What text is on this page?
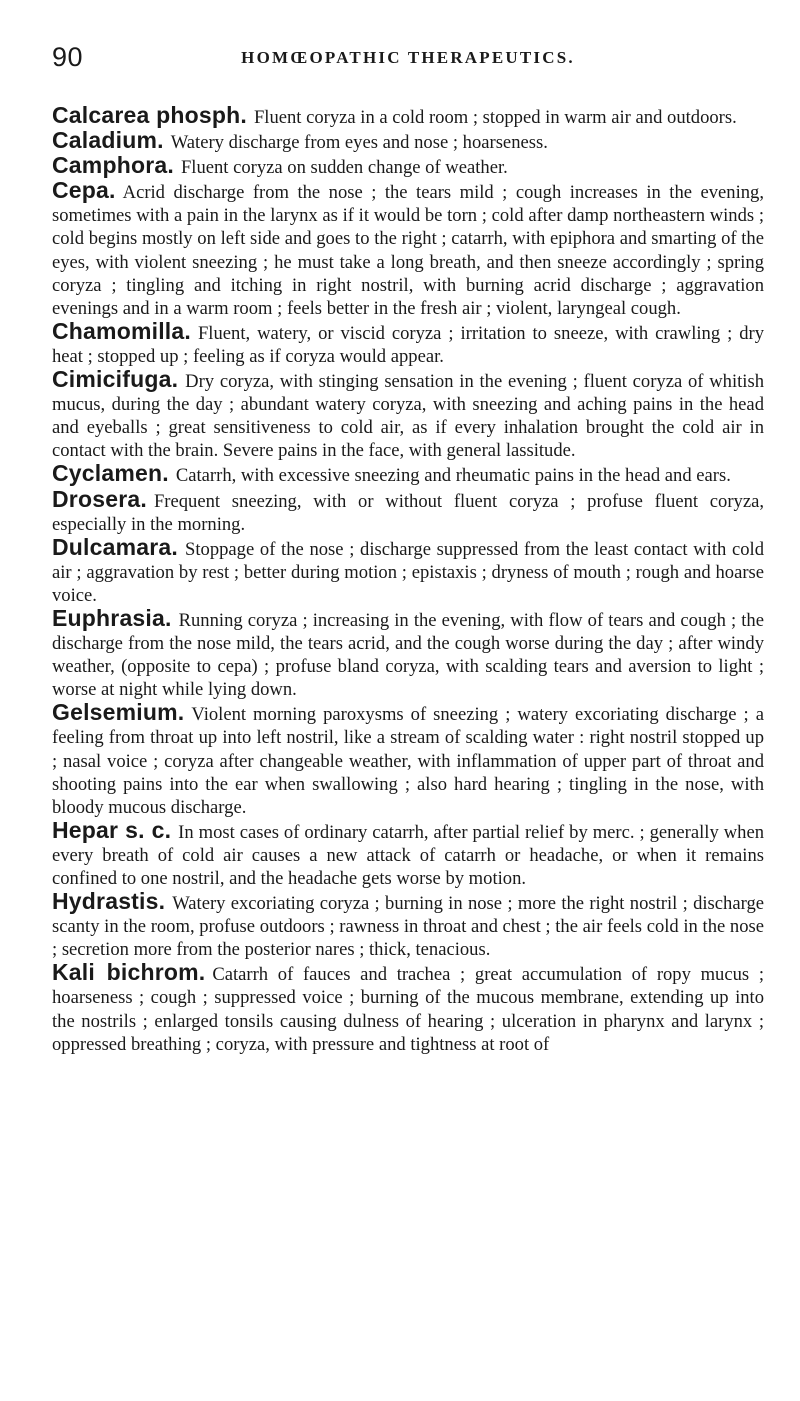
90	HOMŒOPATHIC THERAPEUTICS.

Calcarea phosph. Fluent coryza in a cold room ; stopped in warm air and outdoors.

Caladium. Watery discharge from eyes and nose ; hoarseness.

Camphora. Fluent coryza on sudden change of weather.

Cepa. Acrid discharge from the nose ; the tears mild ; cough increases in the evening, sometimes with a pain in the larynx as if it would be torn ; cold after damp northeastern winds ; cold begins mostly on left side and goes to the right ; catarrh, with epiphora and smarting of the eyes, with violent sneezing ; he must take a long breath, and then sneeze accordingly ; spring coryza ; tingling and itching in right nostril, with burning acrid discharge ; aggravation evenings and in a warm room ; feels better in the fresh air ; violent, laryngeal cough.

Chamomilla. Fluent, watery, or viscid coryza ; irritation to sneeze, with crawling ; dry heat ; stopped up ; feeling as if coryza would appear.

Cimicifuga. Dry coryza, with stinging sensation in the evening ; fluent coryza of whitish mucus, during the day ; abundant watery coryza, with sneezing and aching pains in the head and eyeballs ; great sensitiveness to cold air, as if every inhalation brought the cold air in contact with the brain. Severe pains in the face, with general lassitude.

Cyclamen. Catarrh, with excessive sneezing and rheumatic pains in the head and ears.

Drosera. Frequent sneezing, with or without fluent coryza ; profuse fluent coryza, especially in the morning.

Dulcamara. Stoppage of the nose ; discharge suppressed from the least contact with cold air ; aggravation by rest ; better during motion ; epistaxis ; dryness of mouth ; rough and hoarse voice.

Euphrasia. Running coryza ; increasing in the evening, with flow of tears and cough ; the discharge from the nose mild, the tears acrid, and the cough worse during the day ; after windy weather, (opposite to cepa) ; profuse bland coryza, with scalding tears and aversion to light ; worse at night while lying down.

Gelsemium. Violent morning paroxysms of sneezing ; watery excoriating discharge ; a feeling from throat up into left nostril, like a stream of scalding water : right nostril stopped up ; nasal voice ; coryza after changeable weather, with inflammation of upper part of throat and shooting pains into the ear when swallowing ; also hard hearing ; tingling in the nose, with bloody mucous discharge.

Hepar s. c. In most cases of ordinary catarrh, after partial relief by merc. ; generally when every breath of cold air causes a new attack of catarrh or headache, or when it remains confined to one nostril, and the headache gets worse by motion.

Hydrastis. Watery excoriating coryza ; burning in nose ; more the right nostril ; discharge scanty in the room, profuse outdoors ; rawness in throat and chest ; the air feels cold in the nose ; secretion more from the posterior nares ; thick, tenacious.

Kali bichrom. Catarrh of fauces and trachea ; great accumulation of ropy mucus ; hoarseness ; cough ; suppressed voice ; burning of the mucous membrane, extending up into the nostrils ; enlarged tonsils causing dulness of hearing ; ulceration in pharynx and larynx ; oppressed breathing ; coryza, with pressure and tightness at root of
